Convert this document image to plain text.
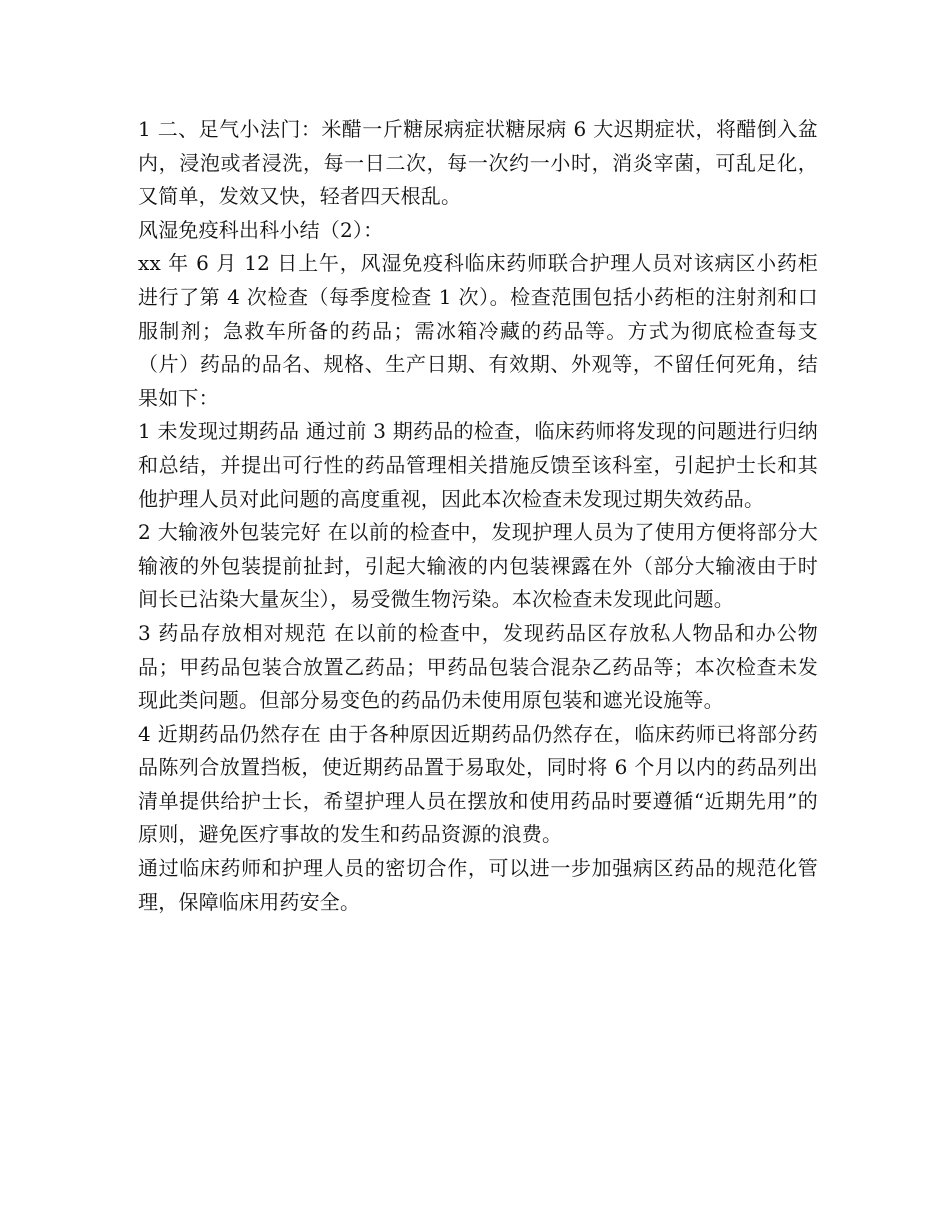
1 二、足气小法门：米醋一斤糖尿病症状糖尿病 6 大迟期症状，将醋倒入盆内，浸泡或者浸洗，每一日二次，每一次约一小时，消炎宰菌，可乱足化，又简单，发效又快，轻者四天根乱。

风湿免疫科出科小结（2）：

xx 年 6 月 12 日上午，风湿免疫科临床药师联合护理人员对该病区小药柜进行了第 4 次检查（每季度检查 1 次）。检查范围包括小药柜的注射剂和口服制剂；急救车所备的药品；需冰箱冷藏的药品等。方式为彻底检查每支（片）药品的品名、规格、生产日期、有效期、外观等，不留任何死角，结果如下：

1 未发现过期药品 通过前 3 期药品的检查，临床药师将发现的问题进行归纳和总结，并提出可行性的药品管理相关措施反馈至该科室，引起护士长和其他护理人员对此问题的高度重视，因此本次检查未发现过期失效药品。

2 大输液外包装完好 在以前的检查中，发现护理人员为了使用方便将部分大输液的外包装提前扯封，引起大输液的内包装裸露在外（部分大输液由于时间长已沾染大量灰尘），易受微生物污染。本次检查未发现此问题。

3 药品存放相对规范 在以前的检查中，发现药品区存放私人物品和办公物品；甲药品包装合放置乙药品；甲药品包装合混杂乙药品等；本次检查未发现此类问题。但部分易变色的药品仍未使用原包装和遮光设施等。

4 近期药品仍然存在 由于各种原因近期药品仍然存在，临床药师已将部分药品陈列合放置挡板，使近期药品置于易取处，同时将 6 个月以内的药品列出清单提供给护士长，希望护理人员在摆放和使用药品时要遵循“近期先用”的原则，避免医疗事故的发生和药品资源的浪费。

通过临床药师和护理人员的密切合作，可以进一步加强病区药品的规范化管理，保障临床用药安全。
